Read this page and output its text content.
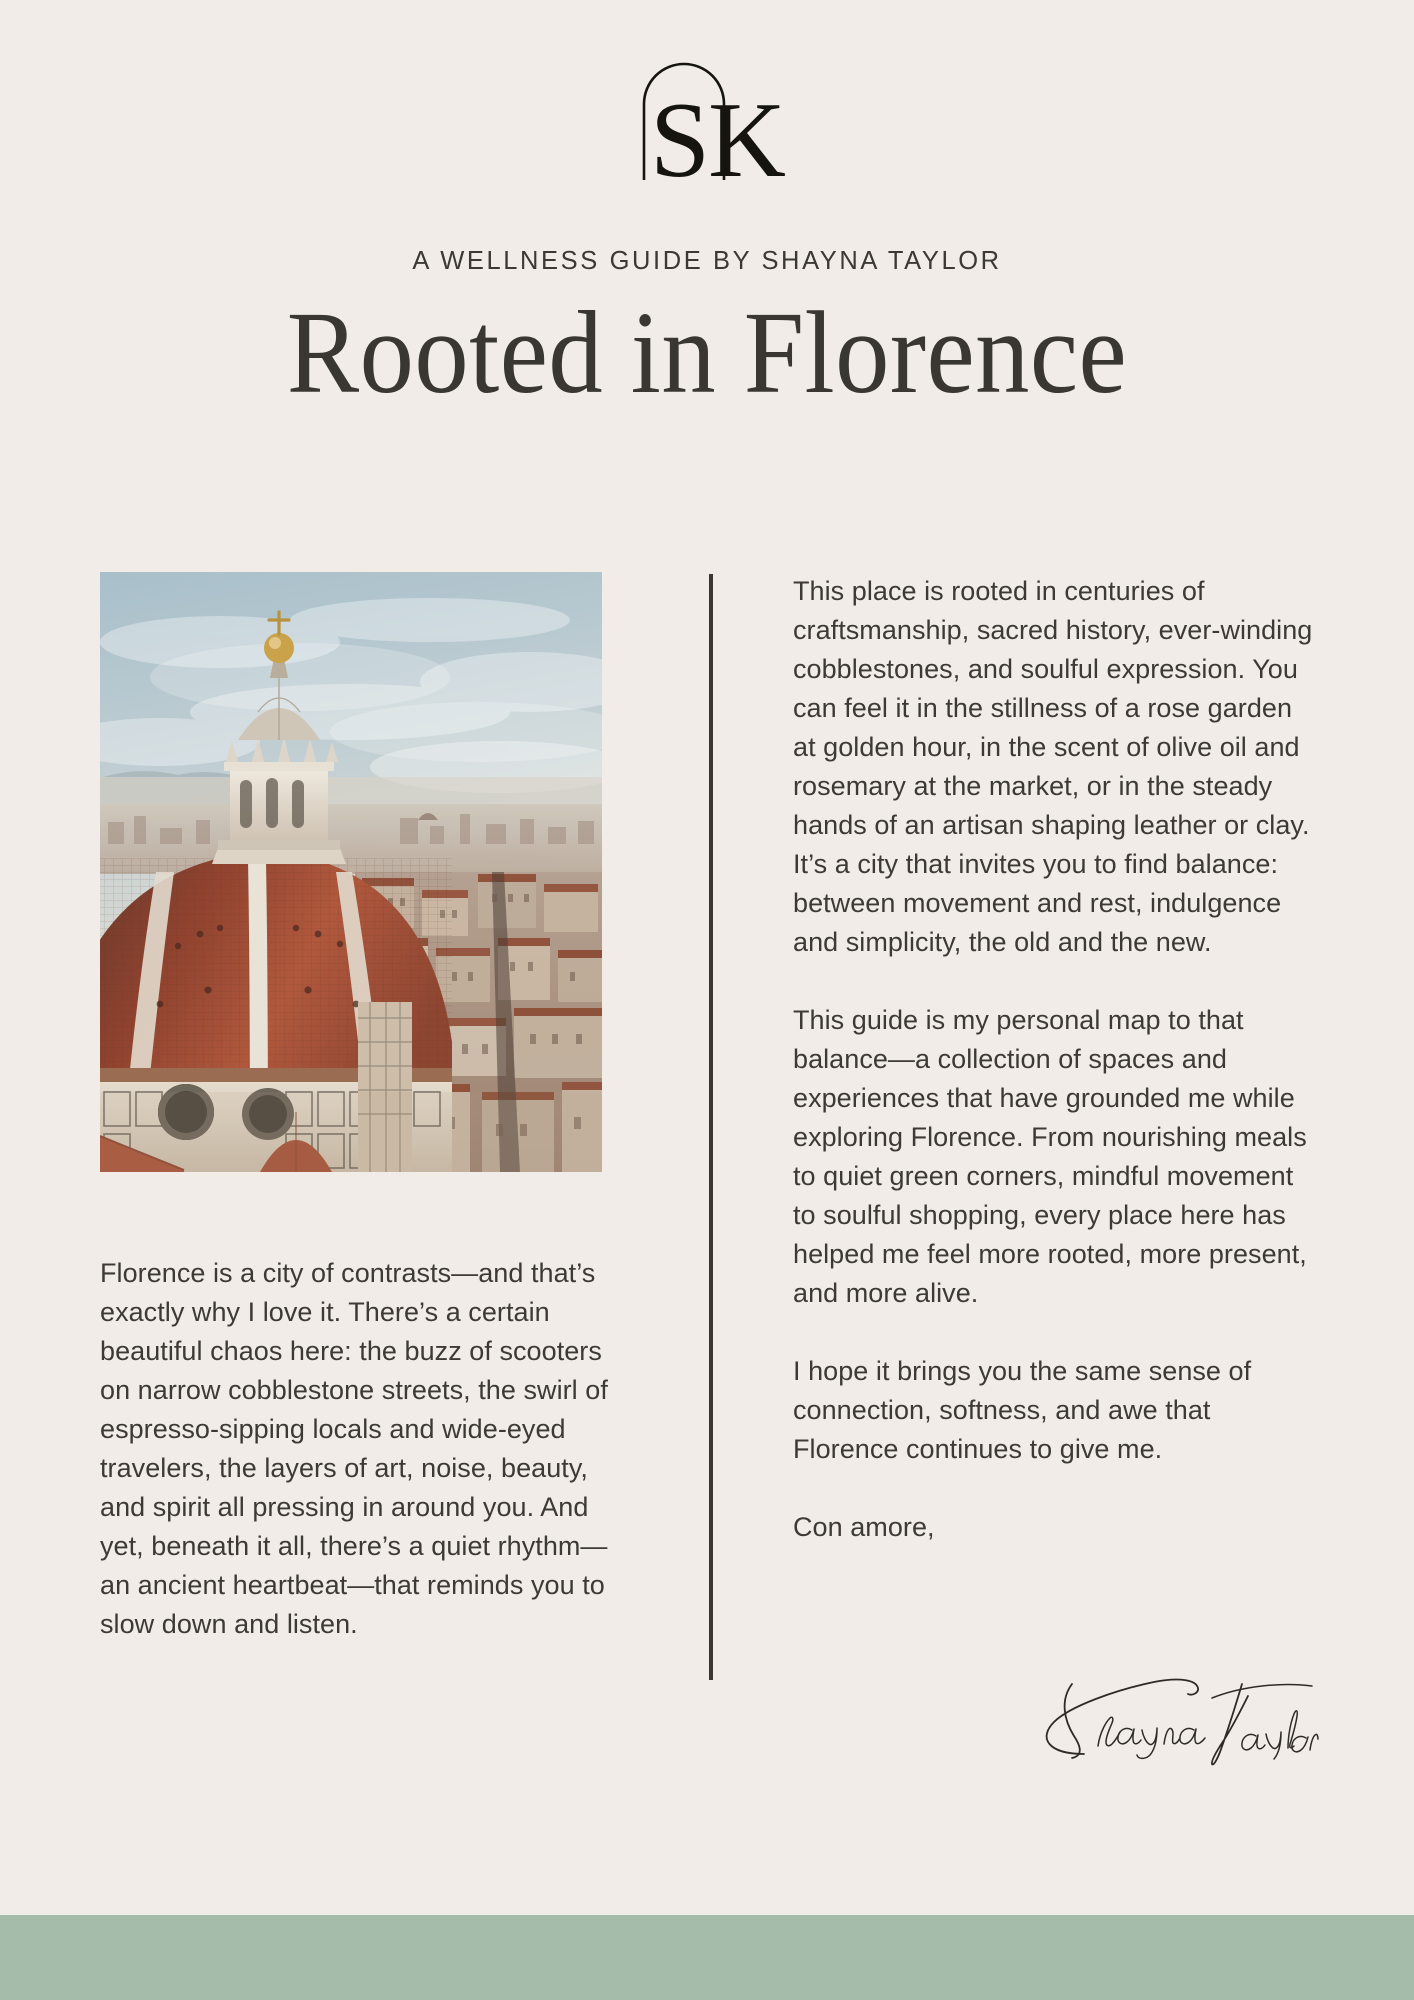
S
K
A WELLNESS GUIDE BY SHAYNA TAYLOR
Rooted in Florence

Florence is a city of contrasts—and that’s exactly why I love it. There’s a certain beautiful chaos here: the buzz of scooters on narrow cobblestone streets, the swirl of espresso-sipping locals and wide-eyed travelers, the layers of art, noise, beauty, and spirit all pressing in around you. And yet, beneath it all, there’s a quiet rhythm—an ancient heartbeat—that reminds you to slow down and listen.

This place is rooted in centuries of craftsmanship, sacred history, ever-winding cobblestones, and soulful expression. You can feel it in the stillness of a rose garden at golden hour, in the scent of olive oil and rosemary at the market, or in the steady hands of an artisan shaping leather or clay. It’s a city that invites you to find balance: between movement and rest, indulgence and simplicity, the old and the new.

This guide is my personal map to that balance—a collection of spaces and experiences that have grounded me while exploring Florence. From nourishing meals to quiet green corners, mindful movement to soulful shopping, every place here has helped me feel more rooted, more present, and more alive.

I hope it brings you the same sense of connection, softness, and awe that Florence continues to give me.

Con amore,
